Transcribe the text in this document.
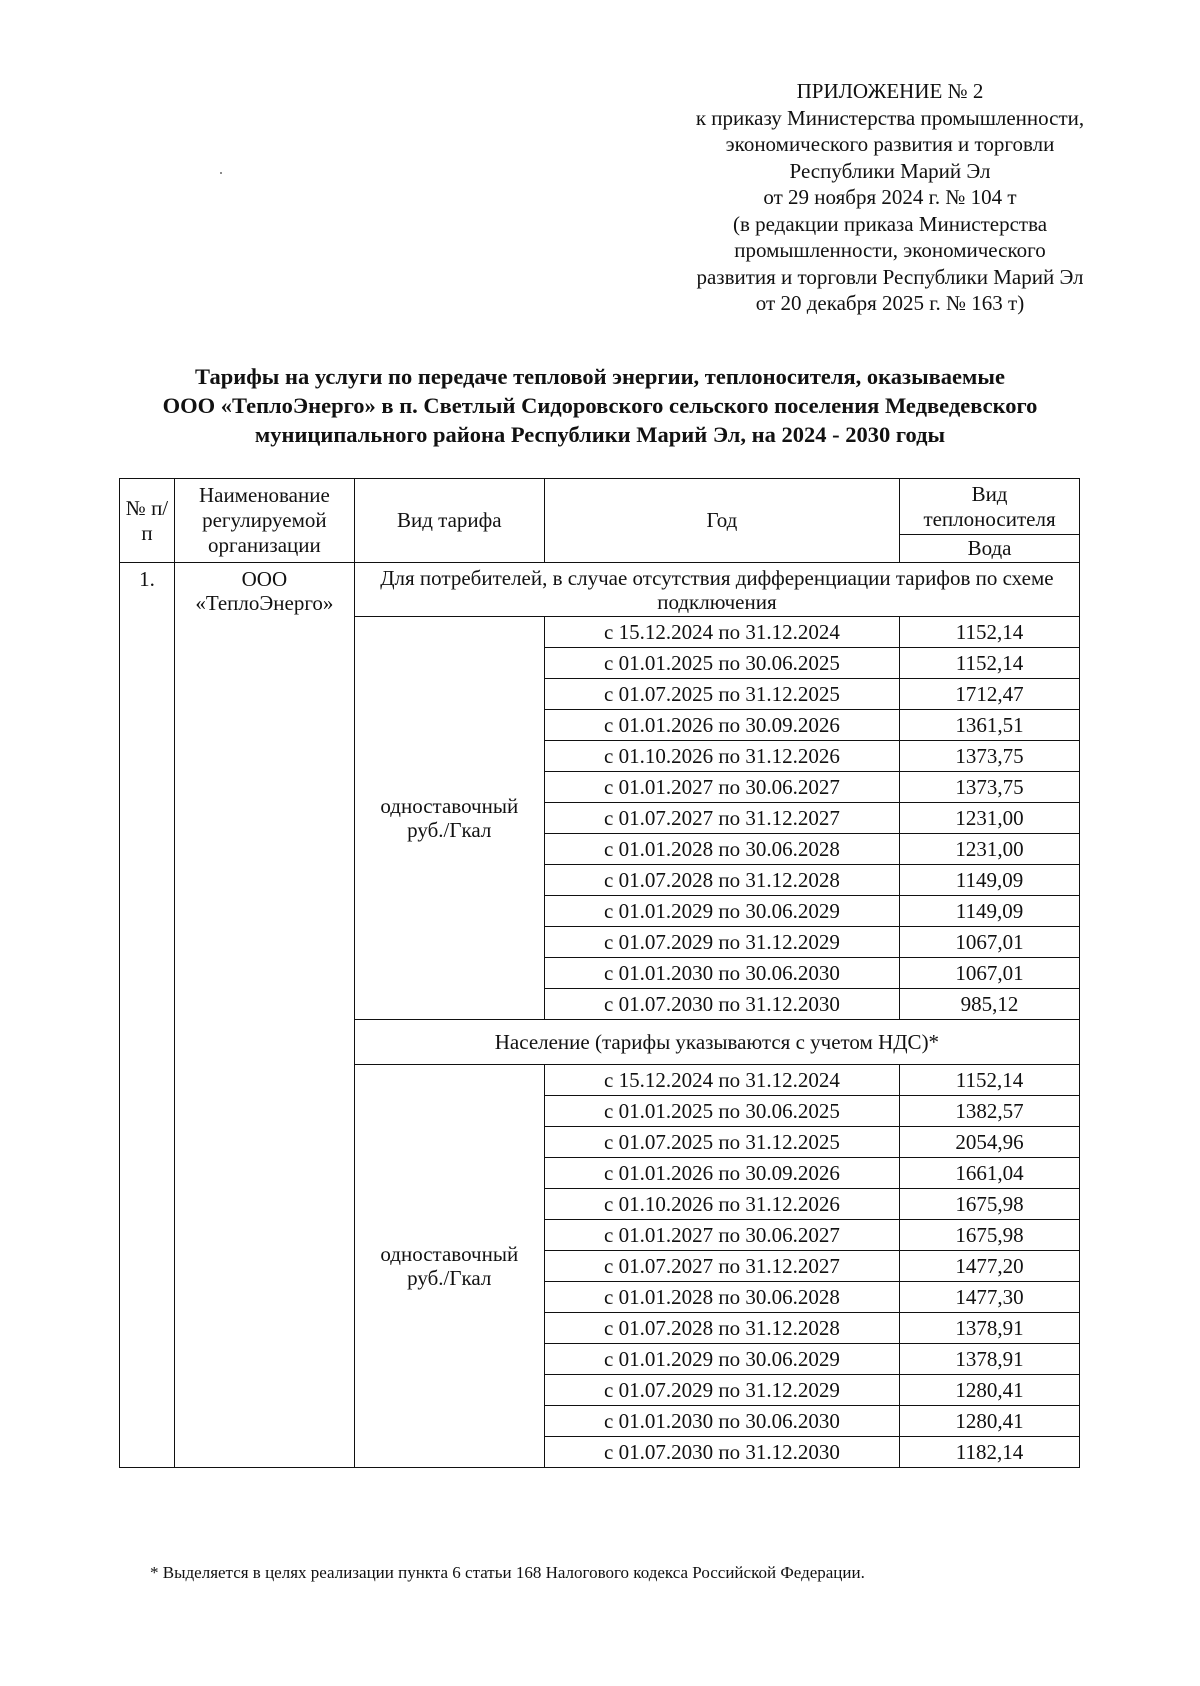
ПРИЛОЖЕНИЕ № 2
к приказу Министерства промышленности,
экономического развития и торговли
Республики Марий Эл
от 29 ноября 2024 г. № 104 т
(в редакции приказа Министерства
промышленности, экономического
развития и торговли Республики Марий Эл
от 20 декабря 2025 г. № 163 т)
Тарифы на услуги по передаче тепловой энергии, теплоносителя, оказываемые
ООО «ТеплоЭнерго» в п. Светлый Сидоровского сельского поселения Медведевского
муниципального района Республики Марий Эл, на 2024 - 2030 годы
№ п/п	Наименование регулируемой организации	Вид тарифа	Год	Вид теплоносителя
				Вода
1.	ООО «ТеплоЭнерго»	Для потребителей, в случае отсутствия дифференциации тарифов по схеме подключения		
		одноставочный руб./Гкал	с 15.12.2024 по 31.12.2024	1152,14
			с 01.01.2025 по 30.06.2025	1152,14
			с 01.07.2025 по 31.12.2025	1712,47
			с 01.01.2026 по 30.09.2026	1361,51
			с 01.10.2026 по 31.12.2026	1373,75
			с 01.01.2027 по 30.06.2027	1373,75
			с 01.07.2027 по 31.12.2027	1231,00
			с 01.01.2028 по 30.06.2028	1231,00
			с 01.07.2028 по 31.12.2028	1149,09
			с 01.01.2029 по 30.06.2029	1149,09
			с 01.07.2029 по 31.12.2029	1067,01
			с 01.01.2030 по 30.06.2030	1067,01
			с 01.07.2030 по 31.12.2030	985,12
		Население (тарифы указываются с учетом НДС)*		
		одноставочный руб./Гкал	с 15.12.2024 по 31.12.2024	1152,14
			с 01.01.2025 по 30.06.2025	1382,57
			с 01.07.2025 по 31.12.2025	2054,96
			с 01.01.2026 по 30.09.2026	1661,04
			с 01.10.2026 по 31.12.2026	1675,98
			с 01.01.2027 по 30.06.2027	1675,98
			с 01.07.2027 по 31.12.2027	1477,20
			с 01.01.2028 по 30.06.2028	1477,30
			с 01.07.2028 по 31.12.2028	1378,91
			с 01.01.2029 по 30.06.2029	1378,91
			с 01.07.2029 по 31.12.2029	1280,41
			с 01.01.2030 по 30.06.2030	1280,41
			с 01.07.2030 по 31.12.2030	1182,14
* Выделяется в целях реализации пункта 6 статьи 168 Налогового кодекса Российской Федерации.
